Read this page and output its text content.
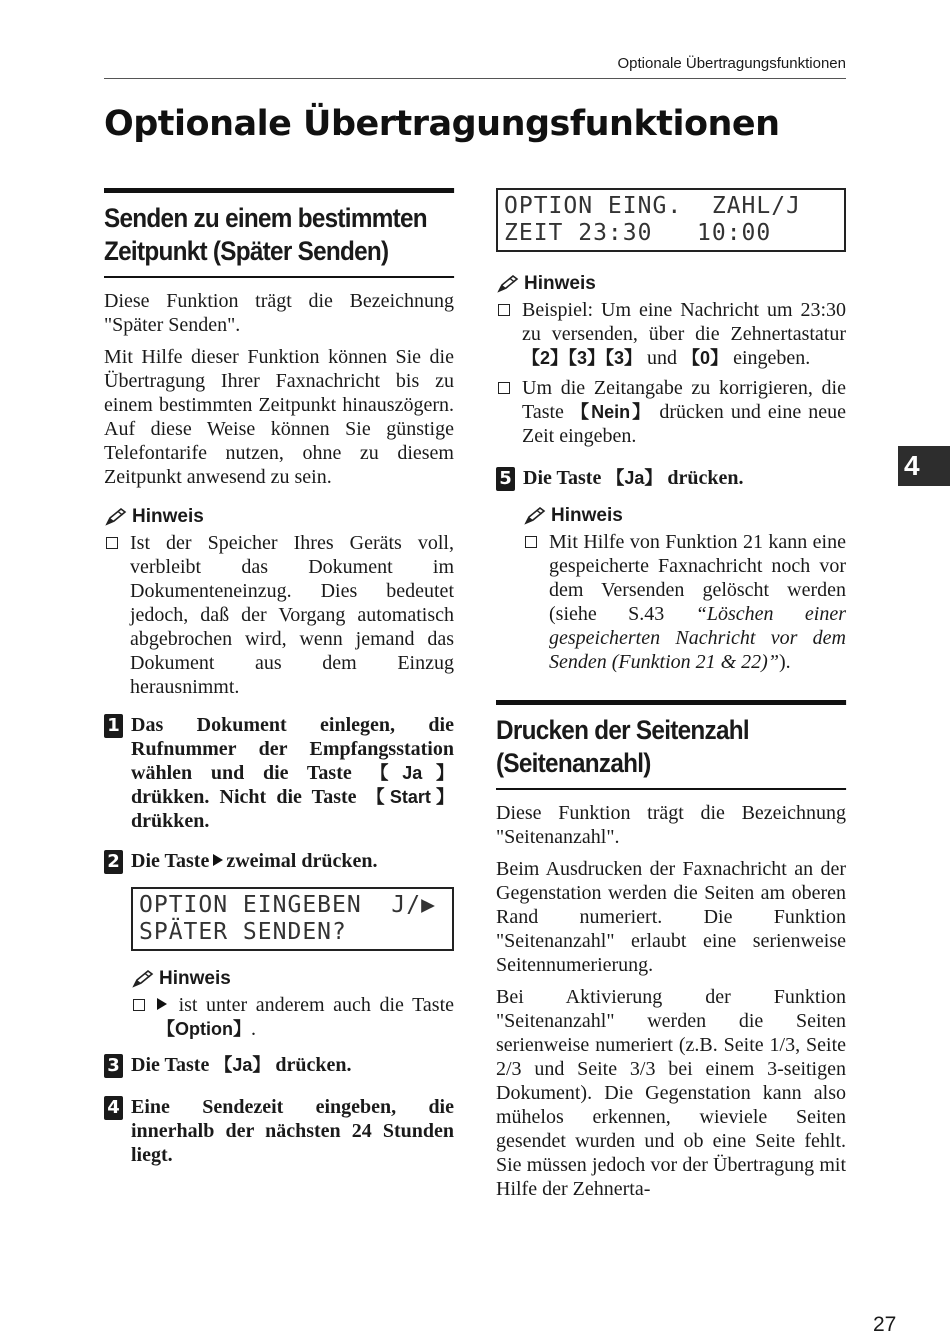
Optionale Übertragungsfunktionen
Optionale Übertragungsfunktionen
Senden zu einem bestimmten Zeitpunkt (Später Senden)

Diese Funktion trägt die Bezeichnung "Später Senden".

Mit Hilfe dieser Funktion können Sie die Übertragung Ihrer Faxnachricht bis zu einem bestimmten Zeitpunkt hinauszögern. Auf diese Weise können Sie günstige Telefontarife nutzen, ohne zu diesem Zeitpunkt anwesend zu sein.

Hinweis
Ist der Speicher Ihres Geräts voll, verbleibt das Dokument im Dokumenteneinzug. Dies bedeutet jedoch, daß der Vorgang automatisch abgebrochen wird, wenn jemand das Dokument aus dem Einzug herausnimmt.
1 Das Dokument einlegen, die Rufnummer der Empfangsstation wählen und die Taste	【 Ja 】 drükken. Nicht die Taste 【 Start 】drükken.
2 Die Taste zweimal drücken.
OPTION EINGEBEN  J/▶
SPÄTER SENDEN?
Hinweis
ist unter anderem auch die Taste 【 Option 】 .
3 Die Taste 【 Ja 】 drücken.
4 Eine Sendezeit eingeben, die innerhalb der nächsten 24 Stunden liegt.
OPTION EING.  ZAHL/J
ZEIT 23:30   10:00
Hinweis
Beispiel: Um eine Nachricht um 23:30 zu versenden, über die Zehnertastatur 【 2 】 【 3 】 【 3 】 und 【 0 】 eingeben.
Um die Zeitangabe zu korrigieren, die Taste 【 Nein 】 drücken und eine neue Zeit eingeben.
5 Die Taste 【 Ja 】 drücken.
Hinweis
Mit Hilfe von Funktion 21 kann eine gespeicherte Faxnachricht noch vor dem Versenden gelöscht werden (siehe S.43 “Löschen einer gespeicherten Nachricht vor dem Senden (Funktion 21 & 22)”).
Drucken der Seitenzahl (Seitenanzahl)

Diese Funktion trägt die Bezeichnung "Seitenanzahl".

Beim Ausdrucken der Faxnachricht an der Gegenstation werden die Seiten am oberen Rand numeriert. Die Funktion "Seitenanzahl" erlaubt eine serienweise Seitennumerierung.

Bei Aktivierung der Funktion "Seitenanzahl" werden die Seiten serienweise numeriert (z.B. Seite 1/3, Seite 2/3 und Seite 3/3 bei einem 3-seitigen Dokument). Die Gegenstation kann also mühelos erkennen, wieviele Seiten gesendet wurden und ob eine Seite fehlt. Sie müssen jedoch vor der Übertragung mit Hilfe der Zehnerta-

4
27
